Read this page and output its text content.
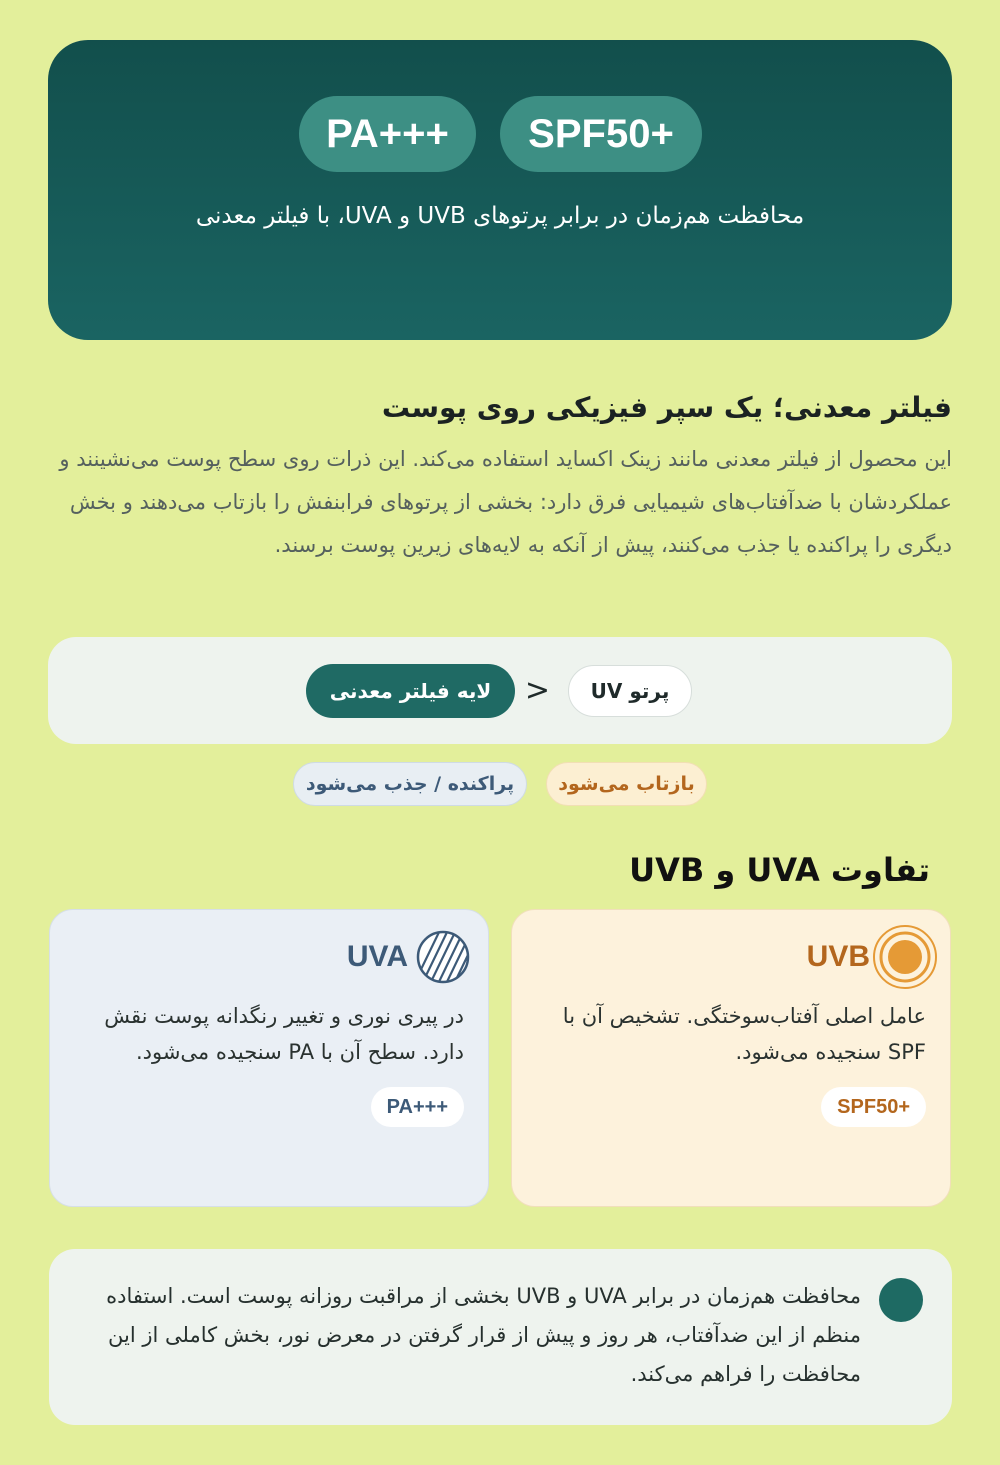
SPF50+
PA+++

محافظت هم‌زمان در برابر پرتوهای UVB و UVA، با فیلتر معدنی

فیلتر معدنی؛ یک سپر فیزیکی روی پوست

این محصول از فیلتر معدنی مانند زینک اکساید استفاده می‌کند. این ذرات روی سطح پوست می‌نشینند و عملکردشان با ضدآفتاب‌های شیمیایی فرق دارد: بخشی از پرتوهای فرابنفش را بازتاب می‌دهند و بخش دیگری را پراکنده یا جذب می‌کنند، پیش از آنکه به لایه‌های زیرین پوست برسند.

پرتو UV
<
لایه فیلتر معدنی
بازتاب می‌شود
پراکنده / جذب می‌شود
تفاوت UVA و UVB
UVB

عامل اصلی آفتاب‌سوختگی. تشخیص آن با SPF سنجیده می‌شود.

SPF50+
UVA

در پیری نوری و تغییر رنگدانه پوست نقش دارد. سطح آن با PA سنجیده می‌شود.

PA+++

محافظت هم‌زمان در برابر UVA و UVB بخشی از مراقبت روزانه پوست است. استفاده منظم از این ضدآفتاب، هر روز و پیش از قرار گرفتن در معرض نور، بخش کاملی از این محافظت را فراهم می‌کند.
